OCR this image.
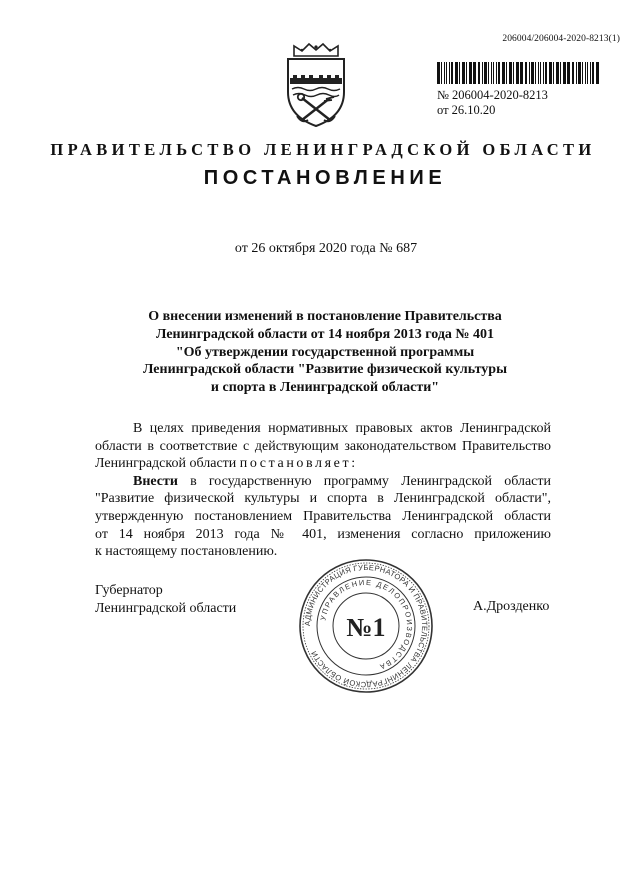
206004/206004-2020-8213(1)
№ 206004-2020-8213
от 26.10.20
ПРАВИТЕЛЬСТВО ЛЕНИНГРАДСКОЙ ОБЛАСТИ
ПОСТАНОВЛЕНИЕ
от 26 октября 2020 года № 687
О внесении изменений в постановление Правительства
Ленинградской области от 14 ноября 2013 года № 401
"Об утверждении государственной программы
Ленинградской области "Развитие физической культуры
и спорта в Ленинградской области"
В целях приведения нормативных правовых актов Ленинградской
области в соответствие с действующим законодательством Правительство
Ленинградской области постановляет:
Внести в государственную программу Ленинградской области
"Развитие физической культуры и спорта в Ленинградской области",
утвержденную постановлением Правительства Ленинградской области
от 14 ноября 2013 года № 401, изменения согласно приложению
к настоящему постановлению.
Губернатор
Ленинградской области	А.Дрозденко
АДМИНИСТРАЦИЯ ГУБЕРНАТОРА И ПРАВИТЕЛЬСТВА ЛЕНИНГРАДСКОЙ ОБЛАСТИ
УПРАВЛЕНИЕ ДЕЛОПРОИЗВОДСТВА
№1
